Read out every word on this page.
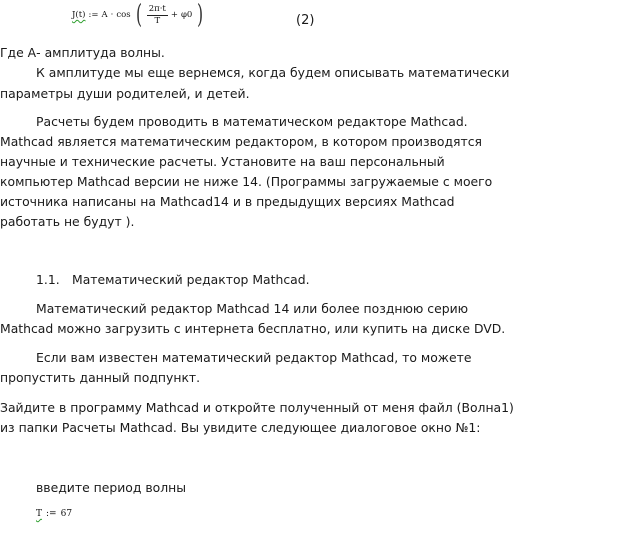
J(t) := A · cos ( $\frac{2\pi\cdot t}{T} + \varphi 0$ )	(2)

Где А- амплитуда волны.

К амплитуде мы еще вернемся, когда будем описывать математически

параметры души родителей, и детей.

Расчеты будем проводить в математическом редакторе Mathcad.

Mathcad является математическим редактором, в котором производятся

научные и технические расчеты. Установите на ваш персональный

компьютер Mathcad версии не ниже 14. (Программы загружаемые с моего

источника написаны на Mathcad14 и в предыдущих версиях Mathcad

работать не будут ).

1.1. Математический редактор Mathcad.

Математический редактор Mathcad 14 или более позднюю серию

Mathcad можно загрузить с интернета бесплатно, или купить на диске DVD.

Если вам известен математический редактор Mathcad, то можете

пропустить данный подпункт.

Зайдите в программу Mathcad и откройте полученный от меня файл (Волна1)

из папки Расчеты Mathcad. Вы увидите следующее диалоговое окно №1:

введите период волны

T := 67
